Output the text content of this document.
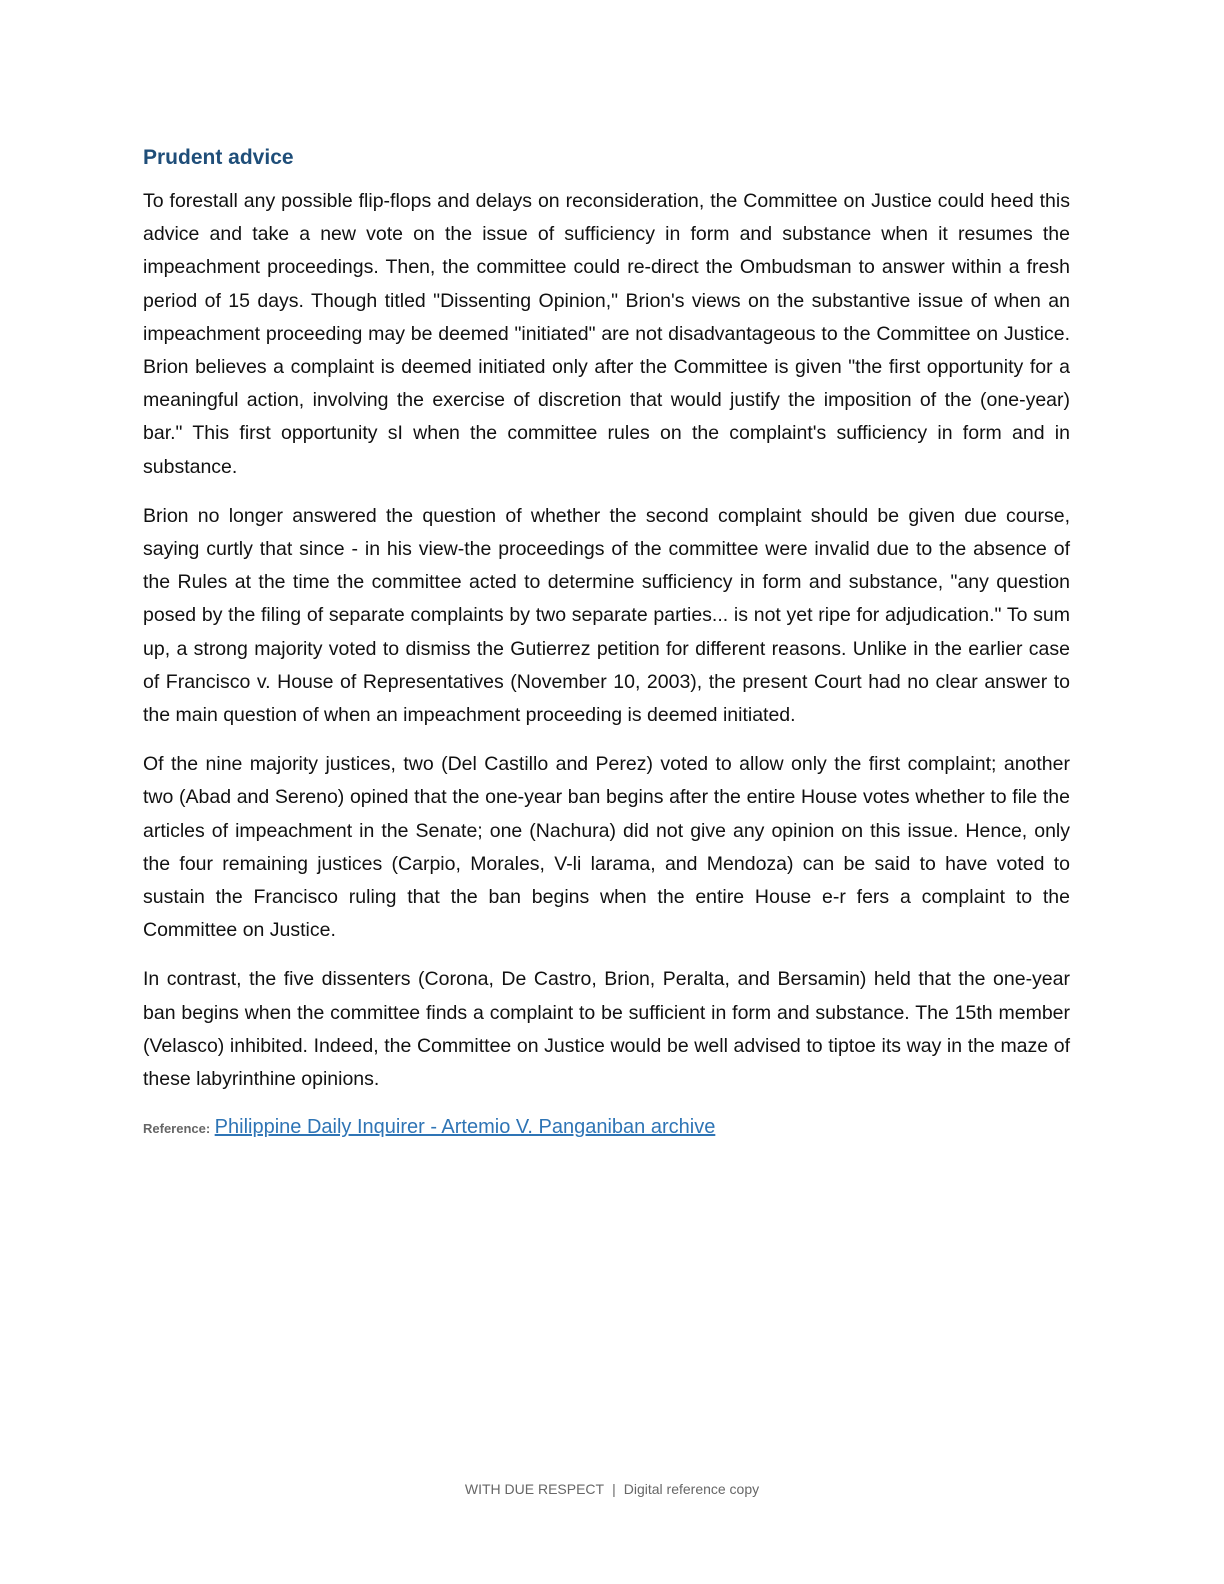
Prudent advice

To forestall any possible flip-flops and delays on reconsideration, the Committee on Justice could heed this advice and take a new vote on the issue of sufficiency in form and substance when it resumes the impeachment proceedings. Then, the committee could re-direct the Ombudsman to answer within a fresh period of 15 days. Though titled "Dissenting Opinion," Brion's views on the substantive issue of when an impeachment proceeding may be deemed "initiated" are not disadvantageous to the Committee on Justice. Brion believes a complaint is deemed initiated only after the Committee is given "the first opportunity for a meaningful action, involving the exercise of discretion that would justify the imposition of the (one-year) bar." This first opportunity sI when the committee rules on the complaint's sufficiency in form and in substance.

Brion no longer answered the question of whether the second complaint should be given due course, saying curtly that since - in his view-the proceedings of the committee were invalid due to the absence of the Rules at the time the committee acted to determine sufficiency in form and substance, "any question posed by the filing of separate complaints by two separate parties... is not yet ripe for adjudication." To sum up, a strong majority voted to dismiss the Gutierrez petition for different reasons. Unlike in the earlier case of Francisco v. House of Representatives (November 10, 2003), the present Court had no clear answer to the main question of when an impeachment proceeding is deemed initiated.

Of the nine majority justices, two (Del Castillo and Perez) voted to allow only the first complaint; another two (Abad and Sereno) opined that the one-year ban begins after the entire House votes whether to file the articles of impeachment in the Senate; one (Nachura) did not give any opinion on this issue. Hence, only the four remaining justices (Carpio, Morales, V-li larama, and Mendoza) can be said to have voted to sustain the Francisco ruling that the ban begins when the entire House e-r fers a complaint to the Committee on Justice.

In contrast, the five dissenters (Corona, De Castro, Brion, Peralta, and Bersamin) held that the one-year ban begins when the committee finds a complaint to be sufficient in form and substance. The 15th member (Velasco) inhibited. Indeed, the Committee on Justice would be well advised to tiptoe its way in the maze of these labyrinthine opinions.

Reference: Philippine Daily Inquirer - Artemio V. Panganiban archive
WITH DUE RESPECT | Digital reference copy
